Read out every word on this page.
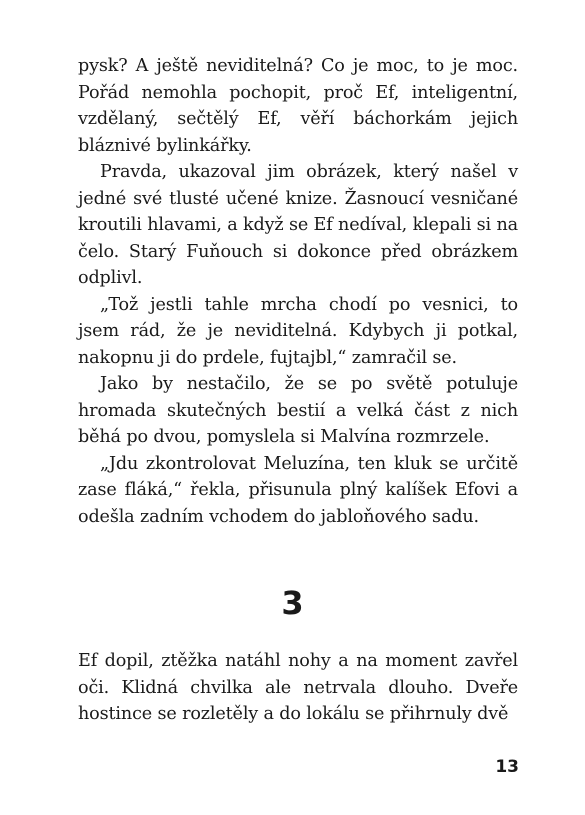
pysk? A ještě neviditelná? Co je moc, to je moc. Pořád nemohla pochopit, proč Ef, inteligentní, vzdělaný, sečtělý Ef, věří báchorkám jejich bláznivé bylinkářky.

Pravda, ukazoval jim obrázek, který našel v jedné své tlusté učené knize. Žasnoucí vesničané kroutili hlavami, a když se Ef nedíval, klepali si na čelo. Starý Fuňouch si dokonce před obrázkem odplivl.

„Tož jestli tahle mrcha chodí po vesnici, to jsem rád, že je neviditelná. Kdybych ji potkal, nakopnu ji do prdele, fujtajbl,“ zamračil se.

Jako by nestačilo, že se po světě potuluje hromada skutečných bestií a velká část z nich běhá po dvou, pomyslela si Malvína rozmrzele.

„Jdu zkontrolovat Meluzína, ten kluk se určitě zase fláká,“ řekla, přisunula plný kalíšek Efovi a odešla zadním vchodem do jabloňového sadu.

3

Ef dopil, ztěžka natáhl nohy a na moment zavřel oči. Klidná chvilka ale netrvala dlouho. Dveře hostince se rozletěly a do lokálu se přihrnuly dvě

13
